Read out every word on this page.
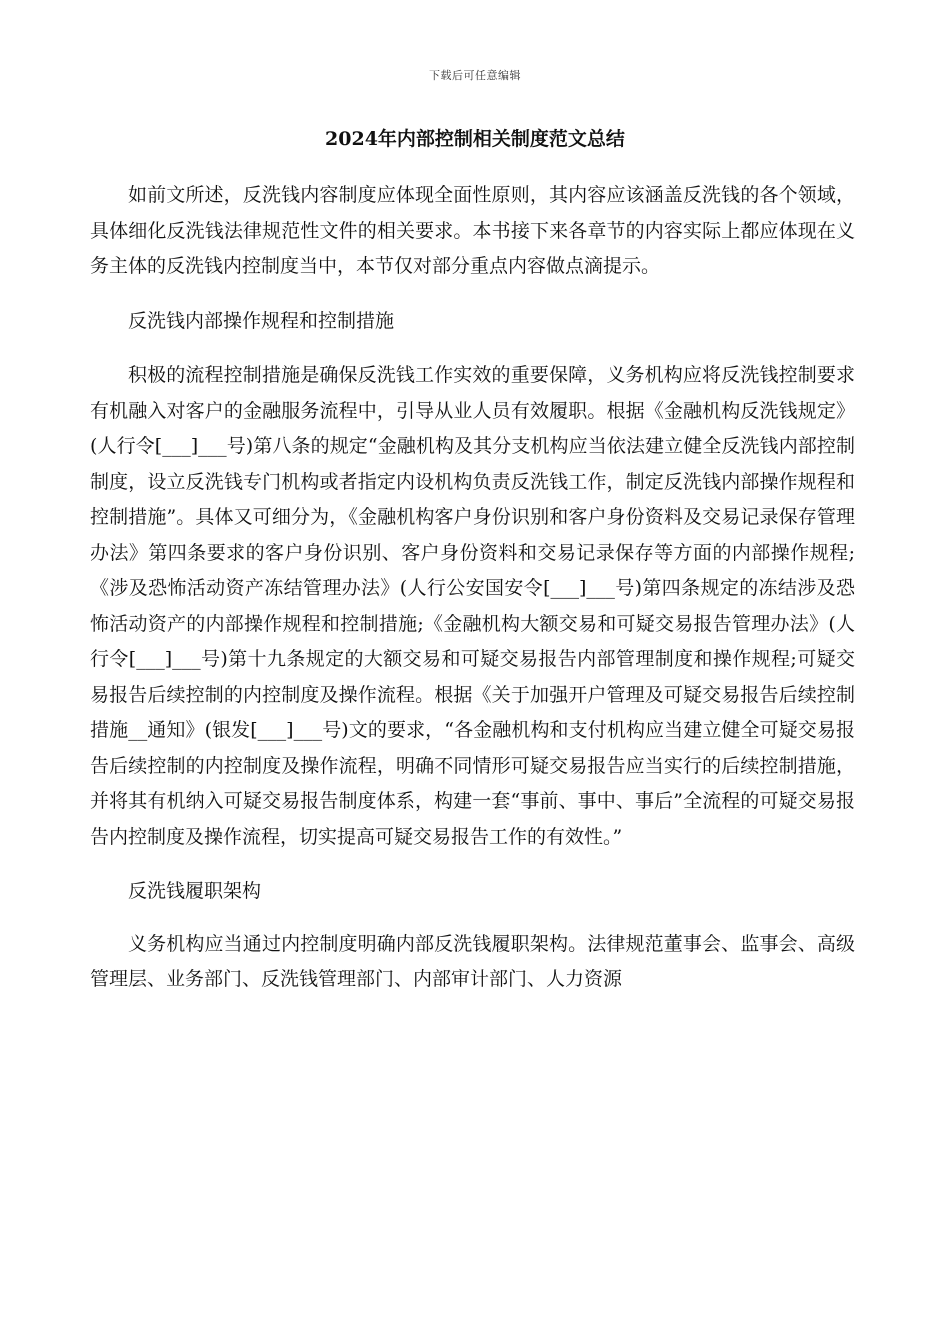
下载后可任意编辑
2024年内部控制相关制度范文总结

如前文所述，反洗钱内容制度应体现全面性原则，其内容应该涵盖反洗钱的各个领域，具体细化反洗钱法律规范性文件的相关要求。本书接下来各章节的内容实际上都应体现在义务主体的反洗钱内控制度当中，本节仅对部分重点内容做点滴提示。

反洗钱内部操作规程和控制措施

积极的流程控制措施是确保反洗钱工作实效的重要保障，义务机构应将反洗钱控制要求有机融入对客户的金融服务流程中，引导从业人员有效履职。根据《金融机构反洗钱规定》(人行令[___]___号)第八条的规定“金融机构及其分支机构应当依法建立健全反洗钱内部控制制度，设立反洗钱专门机构或者指定内设机构负责反洗钱工作，制定反洗钱内部操作规程和控制措施”。具体又可细分为，《金融机构客户身份识别和客户身份资料及交易记录保存管理办法》第四条要求的客户身份识别、客户身份资料和交易记录保存等方面的内部操作规程;《涉及恐怖活动资产冻结管理办法》(人行公安国安令[___]___号)第四条规定的冻结涉及恐怖活动资产的内部操作规程和控制措施;《金融机构大额交易和可疑交易报告管理办法》(人行令[___]___号)第十九条规定的大额交易和可疑交易报告内部管理制度和操作规程;可疑交易报告后续控制的内控制度及操作流程。根据《关于加强开户管理及可疑交易报告后续控制措施__通知》(银发[___]___号)文的要求，“各金融机构和支付机构应当建立健全可疑交易报告后续控制的内控制度及操作流程，明确不同情形可疑交易报告应当实行的后续控制措施，并将其有机纳入可疑交易报告制度体系，构建一套“事前、事中、事后”全流程的可疑交易报告内控制度及操作流程，切实提高可疑交易报告工作的有效性。”

反洗钱履职架构

义务机构应当通过内控制度明确内部反洗钱履职架构。法律规范董事会、监事会、高级管理层、业务部门、反洗钱管理部门、内部审计部门、人力资源
